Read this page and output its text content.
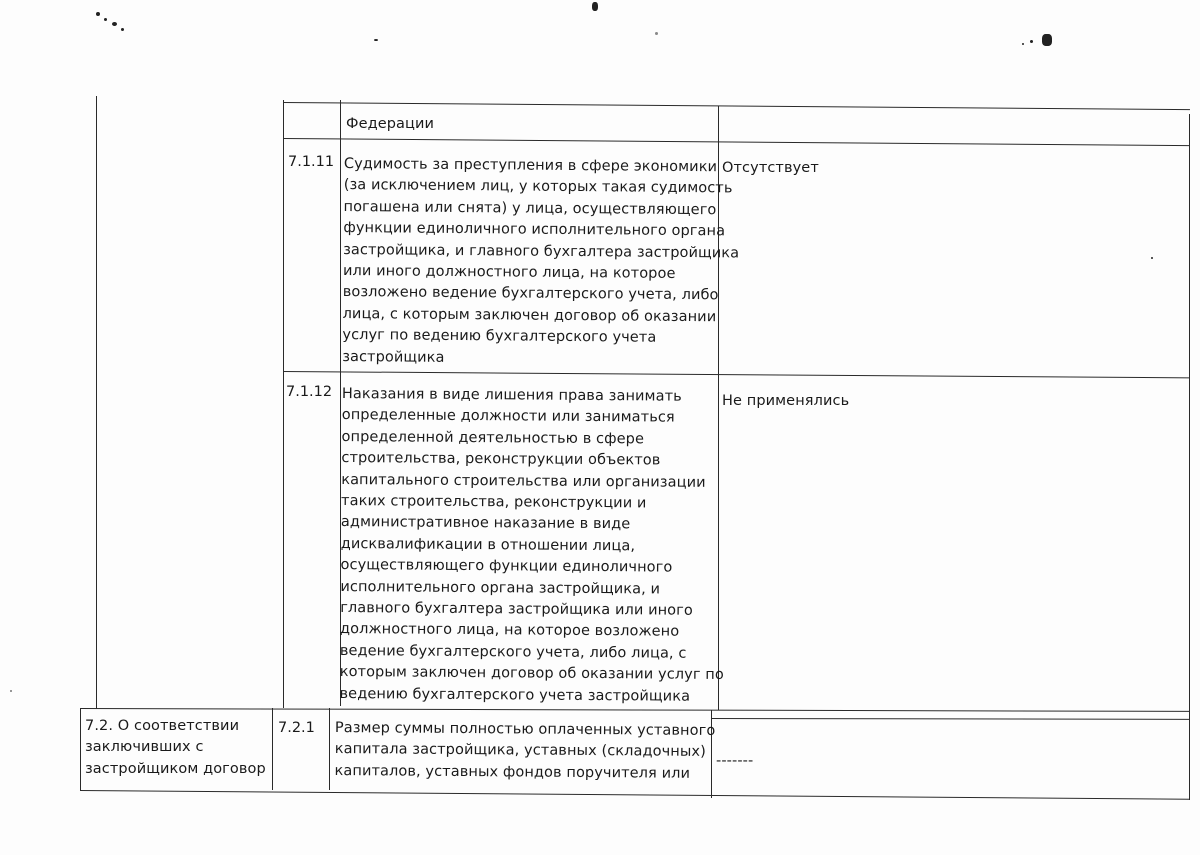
Федерации

7.1.11 Судимость за преступления в сфере экономики
(за исключением лиц, у которых такая судимость
погашена или снята) у лица, осуществляющего
функции единоличного исполнительного органа
застройщика, и главного бухгалтера застройщика
или иного должностного лица, на которое
возложено ведение бухгалтерского учета, либо
лица, с которым заключен договор об оказании
услуг по ведению бухгалтерского учета
застройщика

Отсутствует

7.1.12 Наказания в виде лишения права занимать
определенные должности или заниматься
определенной деятельностью в сфере
строительства, реконструкции объектов
капитального строительства или организации
таких строительства, реконструкции и
административное наказание в виде
дисквалификации в отношении лица,
осуществляющего функции единоличного
исполнительного органа застройщика, и
главного бухгалтера застройщика или иного
должностного лица, на которое возложено
ведение бухгалтерского учета, либо лица, с
которым заключен договор об оказании услуг по
ведению бухгалтерского учета застройщика

Не применялись

7.2. О соответствии
заключивших с
застройщиком договор

7.2.1 Размер суммы полностью оплаченных уставного
капитала застройщика, уставных (складочных)
капиталов, уставных фондов поручителя или

-------
